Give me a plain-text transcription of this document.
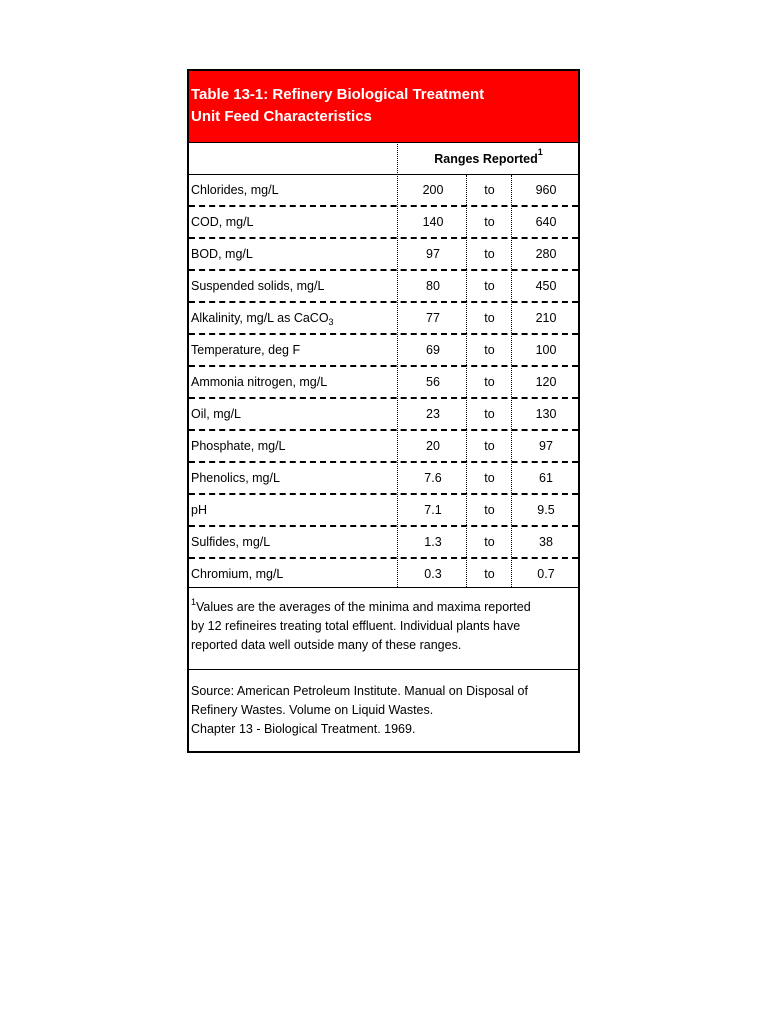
Table 13-1: Refinery Biological Treatment
Unit Feed Characteristics
Ranges Reported$^1$
Chlorides, mg/L	200	to	960
COD, mg/L	140	to	640
BOD, mg/L	97	to	280
Suspended solids, mg/L	80	to	450
Alkalinity, mg/L as CaCO$_3$	77	to	210
Temperature, deg F	69	to	100
Ammonia nitrogen, mg/L	56	to	120
Oil, mg/L	23	to	130
Phosphate, mg/L	20	to	97
Phenolics, mg/L	7.6	to	61
pH	7.1	to	9.5
Sulfides, mg/L	1.3	to	38
Chromium, mg/L	0.3	to	0.7
$^1$Values are the averages of the minima and maxima reported
by 12 refineires treating total effluent. Individual plants have
reported data well outside many of these ranges.
Source: American Petroleum Institute. Manual on Disposal of
Refinery Wastes. Volume on Liquid Wastes.
Chapter 13 - Biological Treatment. 1969.
